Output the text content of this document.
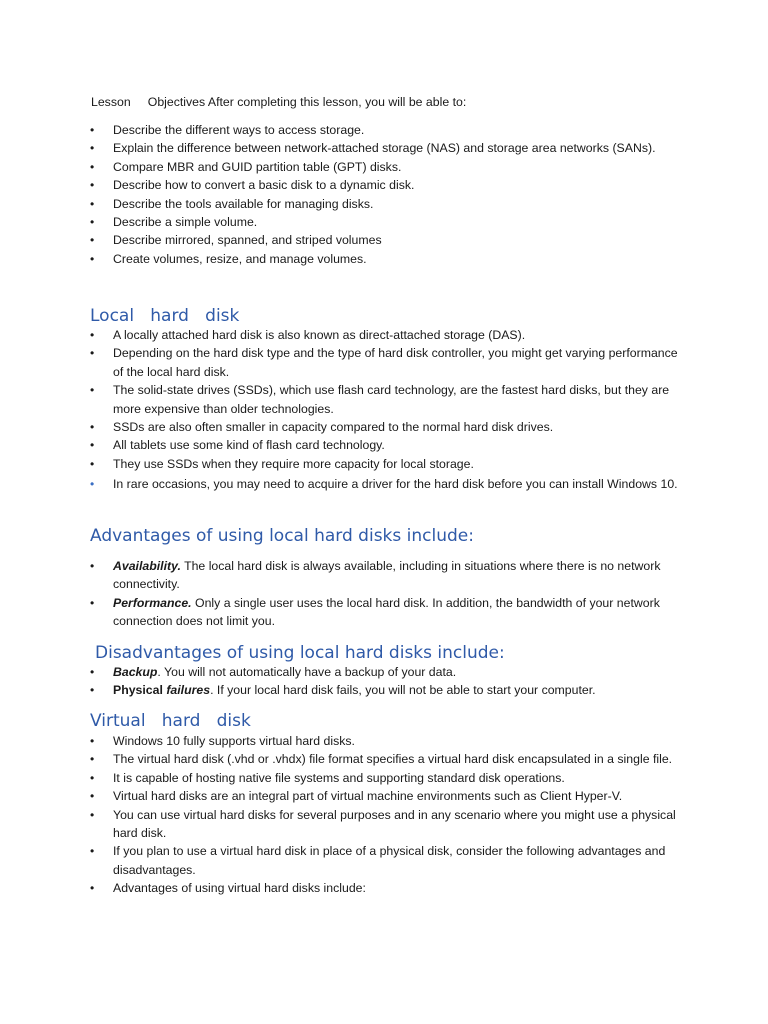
Lesson Objectives After completing this lesson, you will be able to:
•	Describe the different ways to access storage.
•	Explain the difference between network-attached storage (NAS) and storage area networks (SANs).
•	Compare MBR and GUID partition table (GPT) disks.
•	Describe how to convert a basic disk to a dynamic disk.
•	Describe the tools available for managing disks.
•	Describe a simple volume.
•	Describe mirrored, spanned, and striped volumes
•	Create volumes, resize, and manage volumes.
Local   hard   disk
•	A locally attached hard disk is also known as direct-attached storage (DAS).
•	Depending on the hard disk type and the type of hard disk controller, you might get varying performance of the local hard disk.
•	The solid-state drives (SSDs), which use flash card technology, are the fastest hard disks, but they are more expensive than older technologies.
•	SSDs are also often smaller in capacity compared to the normal hard disk drives.
•	All tablets use some kind of flash card technology.
•	They use SSDs when they require more capacity for local storage.
•	In rare occasions, you may need to acquire a driver for the hard disk before you can install Windows 10.
Advantages of using local hard disks include:
•	Availability. The local hard disk is always available, including in situations where there is no network connectivity.
•	Performance. Only a single user uses the local hard disk. In addition, the bandwidth of your network connection does not limit you.
Disadvantages of using local hard disks include:
•	Backup. You will not automatically have a backup of your data.
•	Physical failures. If your local hard disk fails, you will not be able to start your computer.
Virtual   hard   disk
•	Windows 10 fully supports virtual hard disks.
•	The virtual hard disk (.vhd or .vhdx) file format specifies a virtual hard disk encapsulated in a single file.
•	It is capable of hosting native file systems and supporting standard disk operations.
•	Virtual hard disks are an integral part of virtual machine environments such as Client Hyper-V.
•	You can use virtual hard disks for several purposes and in any scenario where you might use a physical hard disk.
•	If you plan to use a virtual hard disk in place of a physical disk, consider the following advantages and disadvantages.
•	Advantages of using virtual hard disks include:
